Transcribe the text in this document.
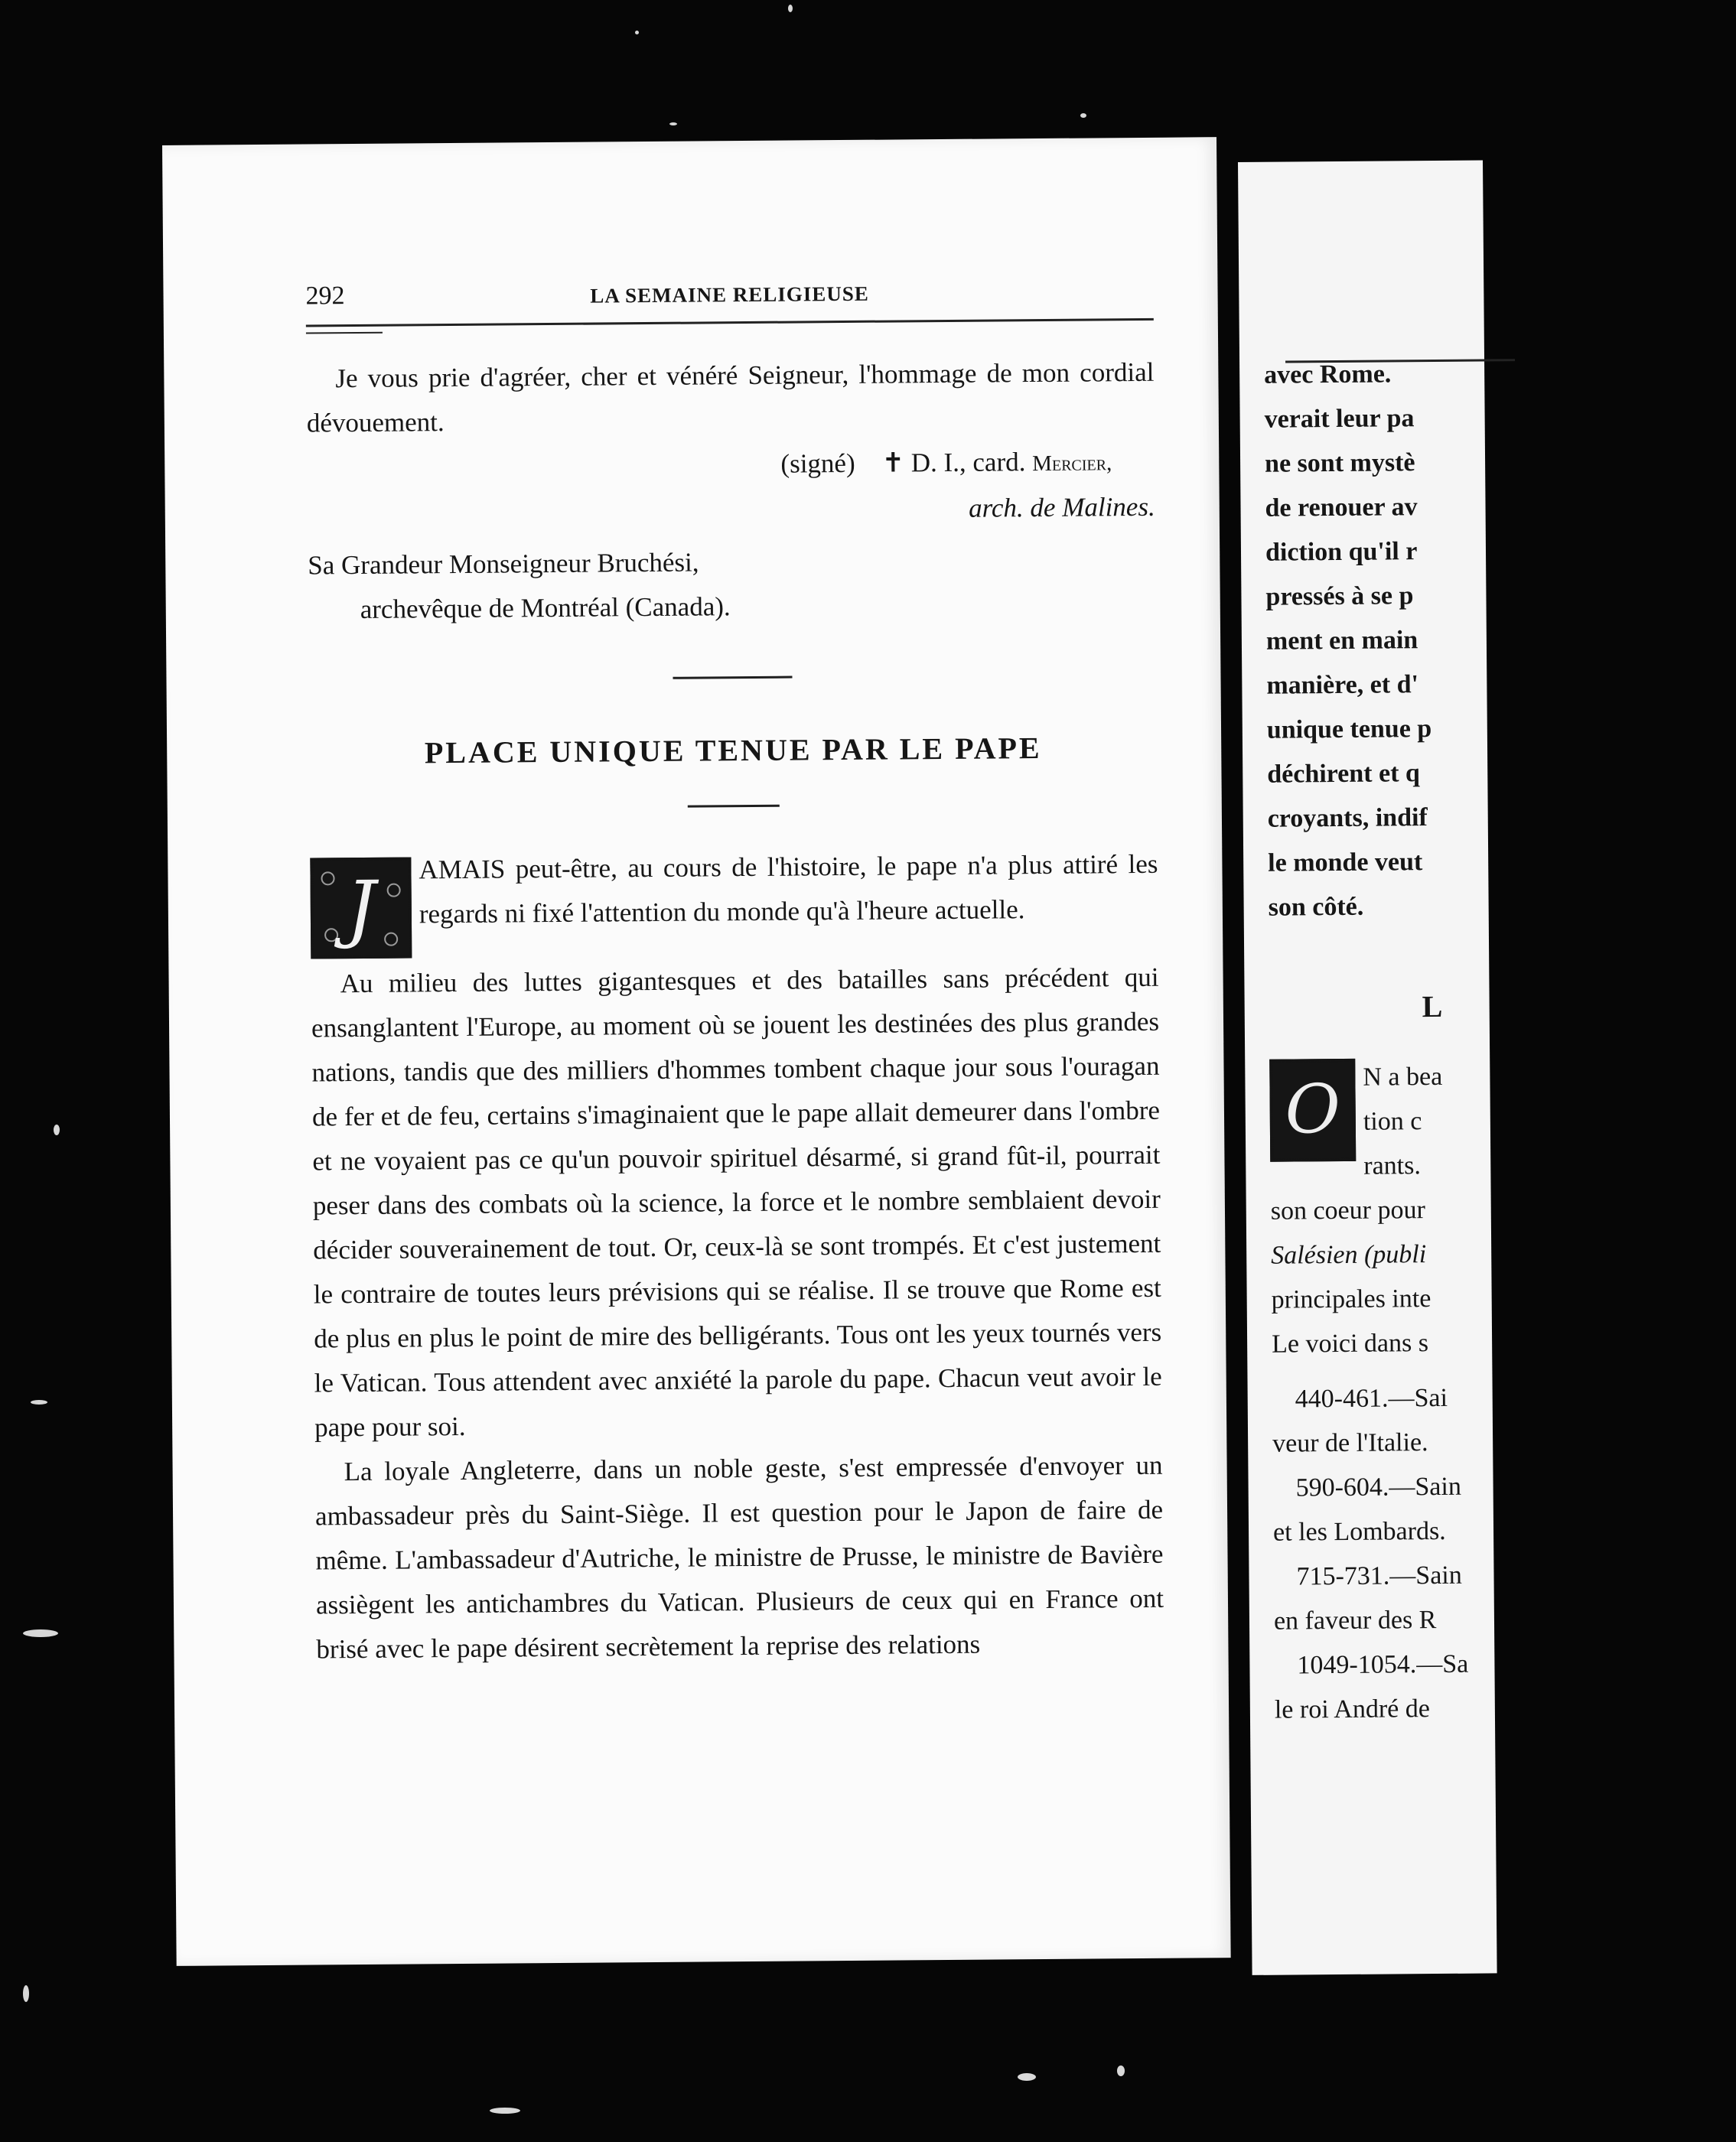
292	LA SEMAINE RELIGIEUSE

Je vous prie d'agréer, cher et vénéré Seigneur, l'hommage de mon cordial dévouement.

(signé) ✝ D. I., card. Mercier,
arch. de Malines.
Sa Grandeur Monseigneur Bruchési,
archevêque de Montréal (Canada).
PLACE UNIQUE TENUE PAR LE PAPE
J	AMAIS peut-être, au cours de l'histoire, le pape n'a plus attiré les regards ni fixé l'attention du monde qu'à l'heure actuelle.

Au milieu des luttes gigantesques et des batailles sans précédent qui ensanglantent l'Europe, au moment où se jouent les destinées des plus grandes nations, tandis que des milliers d'hommes tombent chaque jour sous l'ouragan de fer et de feu, certains s'imaginaient que le pape allait demeurer dans l'ombre et ne voyaient pas ce qu'un pouvoir spirituel désarmé, si grand fût-il, pourrait peser dans des combats où la science, la force et le nombre semblaient devoir décider souverainement de tout. Or, ceux-là se sont trompés. Et c'est justement le contraire de toutes leurs prévisions qui se réalise. Il se trouve que Rome est de plus en plus le point de mire des belligérants. Tous ont les yeux tournés vers le Vatican. Tous attendent avec anxiété la parole du pape. Chacun veut avoir le pape pour soi.

La loyale Angleterre, dans un noble geste, s'est empressée d'envoyer un ambassadeur près du Saint-Siège. Il est question pour le Japon de faire de même. L'ambassadeur d'Autriche, le ministre de Prusse, le ministre de Bavière assiègent les antichambres du Vatican. Plusieurs de ceux qui en France ont brisé avec le pape désirent secrètement la reprise des relations

avec Rome.

verait leur pa

ne sont mystè

de renouer av

diction qu'il r

pressés à se p

ment en main

manière, et d'

unique tenue p

déchirent et q

croyants, indif

le monde veut

son côté.

L
O N a bea

tion c

rants.

son coeur pour

Salésien (publi

principales inte

Le voici dans s

440-461.—Sai

veur de l'Italie.

590-604.—Sain

et les Lombards.

715-731.—Sain

en faveur des R

1049-1054.—Sa

le roi André de
